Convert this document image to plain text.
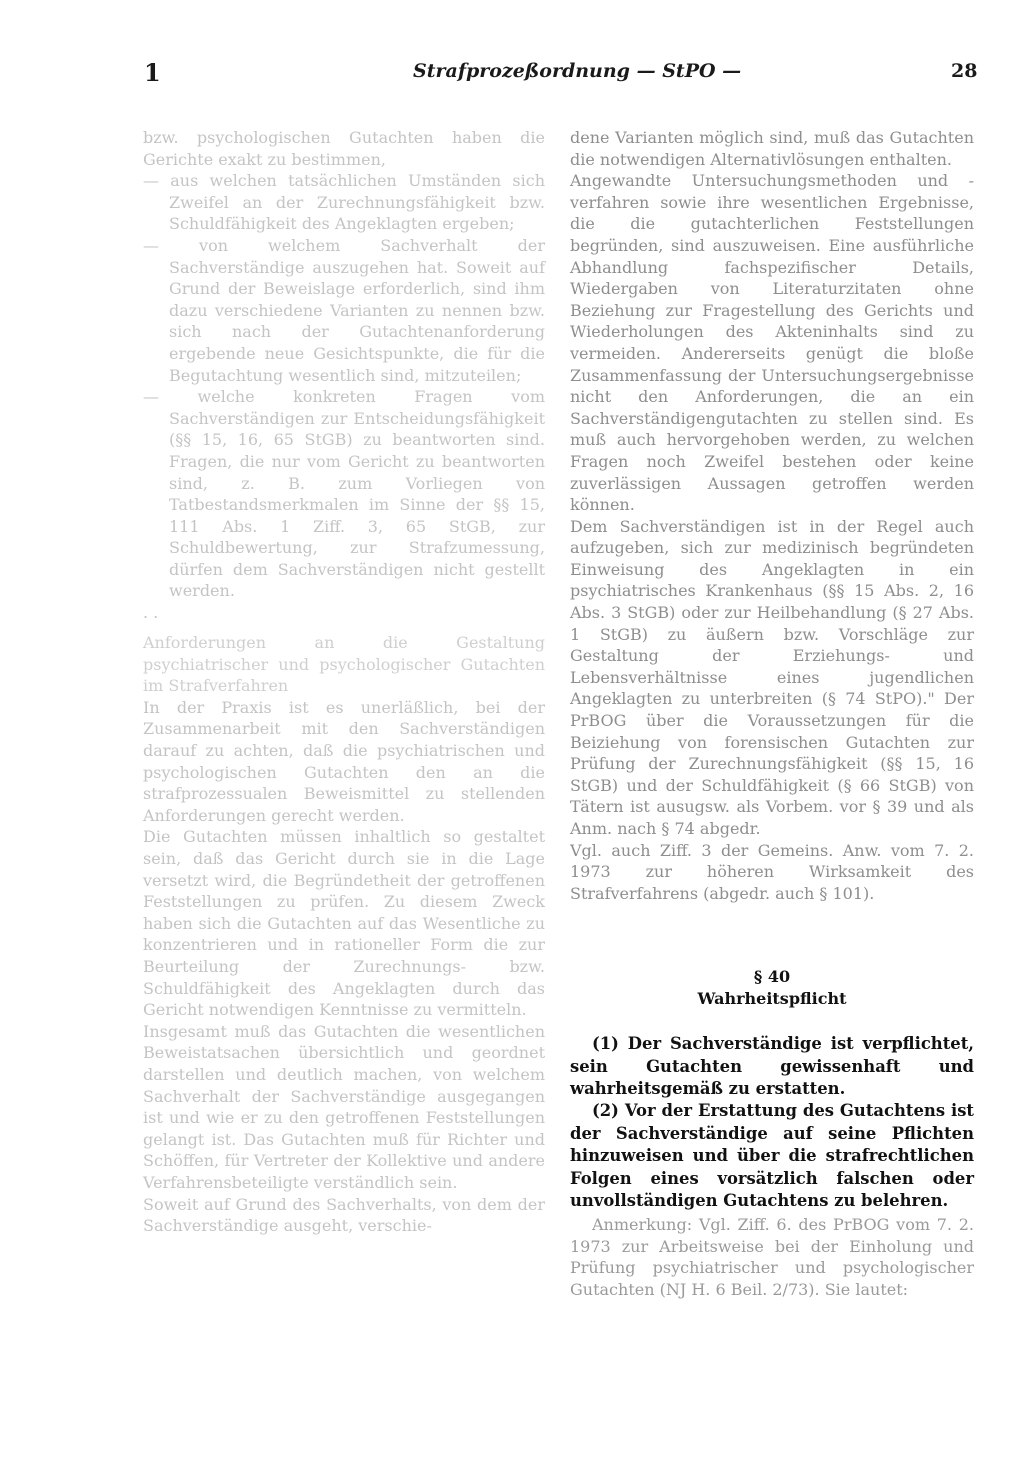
1	Strafprozeßordnung — StPO —	28

bzw. psychologischen Gutachten haben die Gerichte exakt zu bestimmen,

— aus welchen tatsächlichen Umständen sich Zweifel an der Zurechnungsfähigkeit bzw. Schuldfähigkeit des Angeklagten ergeben;

— von welchem Sachverhalt der Sachverständige auszugehen hat. Soweit auf Grund der Beweislage erforderlich, sind ihm dazu verschiedene Varianten zu nennen bzw. sich nach der Gutachtenanforderung ergebende neue Gesichtspunkte, die für die Begutachtung wesentlich sind, mitzuteilen;

— welche konkreten Fragen vom Sachverständigen zur Entscheidungsfähigkeit (§§ 15, 16, 65 StGB) zu beantworten sind. Fragen, die nur vom Gericht zu beantworten sind, z. B. zum Vorliegen von Tatbestandsmerkmalen im Sinne der §§ 15, 111 Abs. 1 Ziff. 3, 65 StGB, zur Schuldbewertung, zur Strafzumessung, dürfen dem Sachverständigen nicht gestellt werden.

. .

Anforderungen an die Gestaltung psychiatrischer und psychologischer Gutachten im Strafverfahren

In der Praxis ist es unerläßlich, bei der Zusammenarbeit mit den Sachverständigen darauf zu achten, daß die psychiatrischen und psychologischen Gutachten den an die strafprozessualen Beweismittel zu stellenden Anforderungen gerecht werden.

Die Gutachten müssen inhaltlich so gestaltet sein, daß das Gericht durch sie in die Lage versetzt wird, die Begründetheit der getroffenen Feststellungen zu prüfen. Zu diesem Zweck haben sich die Gutachten auf das Wesentliche zu konzentrieren und in rationeller Form die zur Beurteilung der Zurechnungs- bzw. Schuldfähigkeit des Angeklagten durch das Gericht notwendigen Kenntnisse zu vermitteln.

Insgesamt muß das Gutachten die wesentlichen Beweistatsachen übersichtlich und geordnet darstellen und deutlich machen, von welchem Sachverhalt der Sachverständige ausgegangen ist und wie er zu den getroffenen Feststellungen gelangt ist. Das Gutachten muß für Richter und Schöffen, für Vertreter der Kollektive und andere Verfahrensbeteiligte verständlich sein.

Soweit auf Grund des Sachverhalts, von dem der Sachverständige ausgeht, verschie-

dene Varianten möglich sind, muß das Gutachten die notwendigen Alternativlösungen enthalten.

Angewandte Untersuchungsmethoden und -verfahren sowie ihre wesentlichen Ergebnisse, die die gutachterlichen Feststellungen begründen, sind auszuweisen. Eine ausführliche Abhandlung fachspezifischer Details, Wiedergaben von Literaturzitaten ohne Beziehung zur Fragestellung des Gerichts und Wiederholungen des Akteninhalts sind zu vermeiden. Andererseits genügt die bloße Zusammenfassung der Untersuchungsergebnisse nicht den Anforderungen, die an ein Sachverständigengutachten zu stellen sind. Es muß auch hervorgehoben werden, zu welchen Fragen noch Zweifel bestehen oder keine zuverlässigen Aussagen getroffen werden können.

Dem Sachverständigen ist in der Regel auch aufzugeben, sich zur medizinisch begründeten Einweisung des Angeklagten in ein psychiatrisches Krankenhaus (§§ 15 Abs. 2, 16 Abs. 3 StGB) oder zur Heilbehandlung (§ 27 Abs. 1 StGB) zu äußern bzw. Vorschläge zur Gestaltung der Erziehungs- und Lebensverhältnisse eines jugendlichen Angeklagten zu unterbreiten (§ 74 StPO)." Der PrBOG über die Voraussetzungen für die Beiziehung von forensischen Gutachten zur Prüfung der Zurechnungsfähigkeit (§§ 15, 16 StGB) und der Schuldfähigkeit (§ 66 StGB) von Tätern ist ausugsw. als Vorbem. vor § 39 und als Anm. nach § 74 abgedr.

Vgl. auch Ziff. 3 der Gemeins. Anw. vom 7. 2. 1973 zur höheren Wirksamkeit des Strafverfahrens (abgedr. auch § 101).

§ 40

Wahrheitspflicht

(1) Der Sachverständige ist verpflichtet, sein Gutachten gewissenhaft und wahrheitsgemäß zu erstatten.

(2) Vor der Erstattung des Gutachtens ist der Sachverständige auf seine Pflichten hinzuweisen und über die strafrechtlichen Folgen eines vorsätzlich falschen oder unvollständigen Gutachtens zu belehren.

Anmerkung: Vgl. Ziff. 6. des PrBOG vom 7. 2. 1973 zur Arbeitsweise bei der Einholung und Prüfung psychiatrischer und psychologischer Gutachten (NJ H. 6 Beil. 2/73). Sie lautet:
